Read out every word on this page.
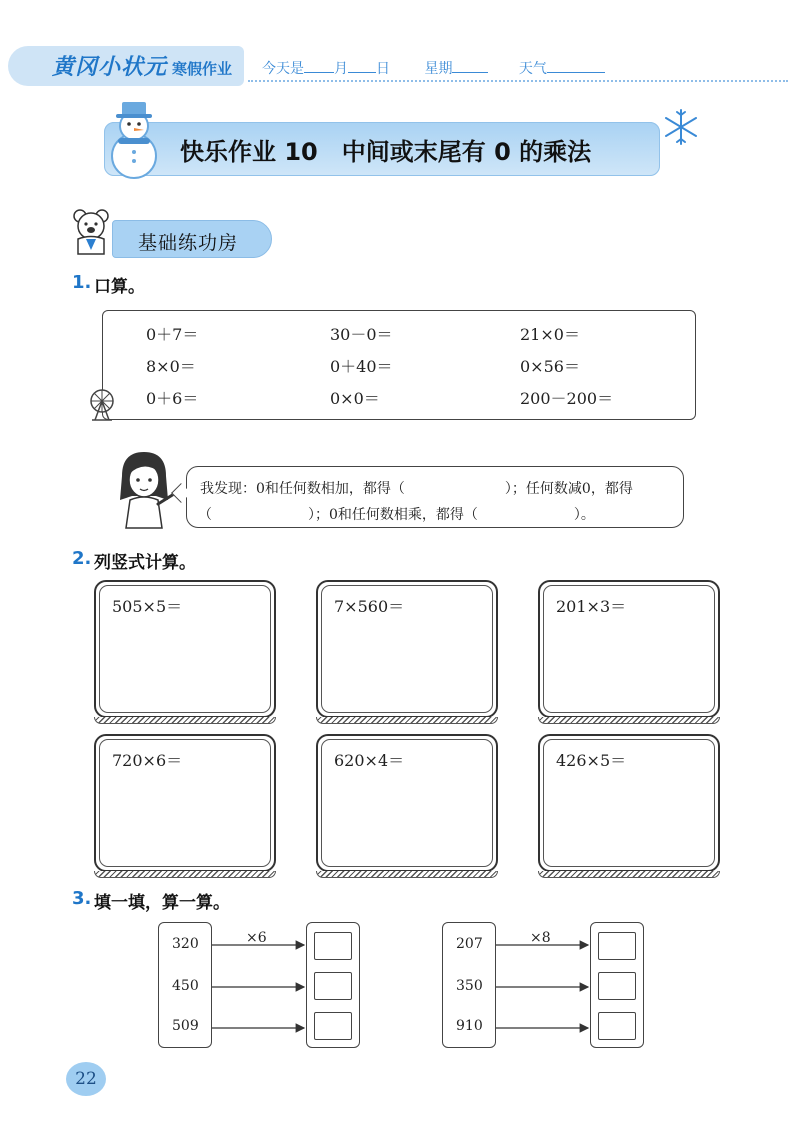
黄冈小状元 寒假作业 今天是 月 日 星期	天气
快乐作业 10　中间或末尾有 0 的乘法
基础练功房
1. 口算。
0＋7＝	30－0＝	21×0＝
8×0＝	0＋40＝	0×56＝
0＋6＝	0×0＝	200－200＝
我发现：0和任何数相加，都得（	）；任何数减0，都得
（	）；0和任何数相乘，都得（	）。
2. 列竖式计算。
505×5＝	7×560＝	201×3＝
720×6＝	620×4＝	426×5＝
3. 填一填，算一算。
320
450
509
×6	207
350
910
×8
22
